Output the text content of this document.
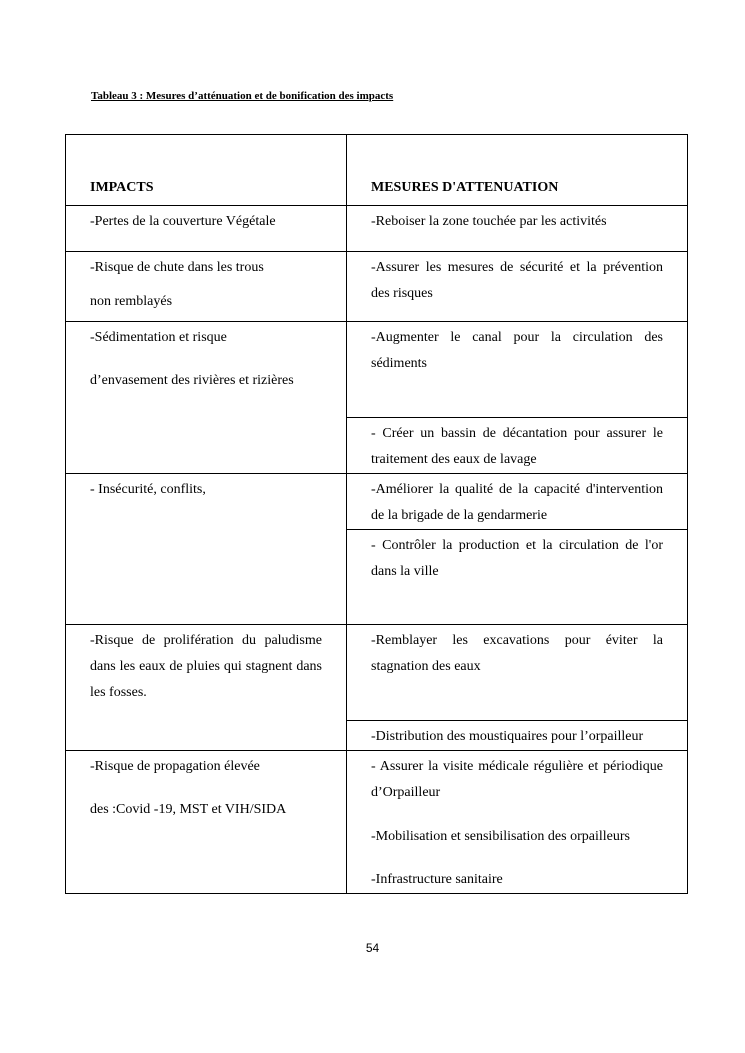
Tableau 3 : Mesures d’atténuation et de bonification des impacts
IMPACTS	MESURES D'ATTENUATION
-Pertes de la couverture Végétale	-Reboiser la zone touchée par les activités

-Risque de chute dans les trous
non remblayés	-Assurer les mesures de sécurité et la prévention des risques

-Sédimentation et risque
d’envasement des rivières et rizières	-Augmenter le canal pour la circulation des sédiments
	- Créer un bassin de décantation pour assurer le traitement des eaux de lavage
- Insécurité, conflits,	-Améliorer la qualité de la capacité d'intervention de la brigade de la gendarmerie
	- Contrôler la production et la circulation de l'or dans la ville
-Risque de prolifération du paludisme dans les eaux de pluies qui stagnent dans les fosses.	-Remblayer les excavations pour éviter la stagnation des eaux
	-Distribution des moustiquaires pour l’orpailleur

-Risque de propagation élevée
des :Covid -19, MST et VIH/SIDA	- Assurer la visite médicale régulière et périodique d’Orpailleur
-Mobilisation et sensibilisation des orpailleurs
-Infrastructure sanitaire
54
